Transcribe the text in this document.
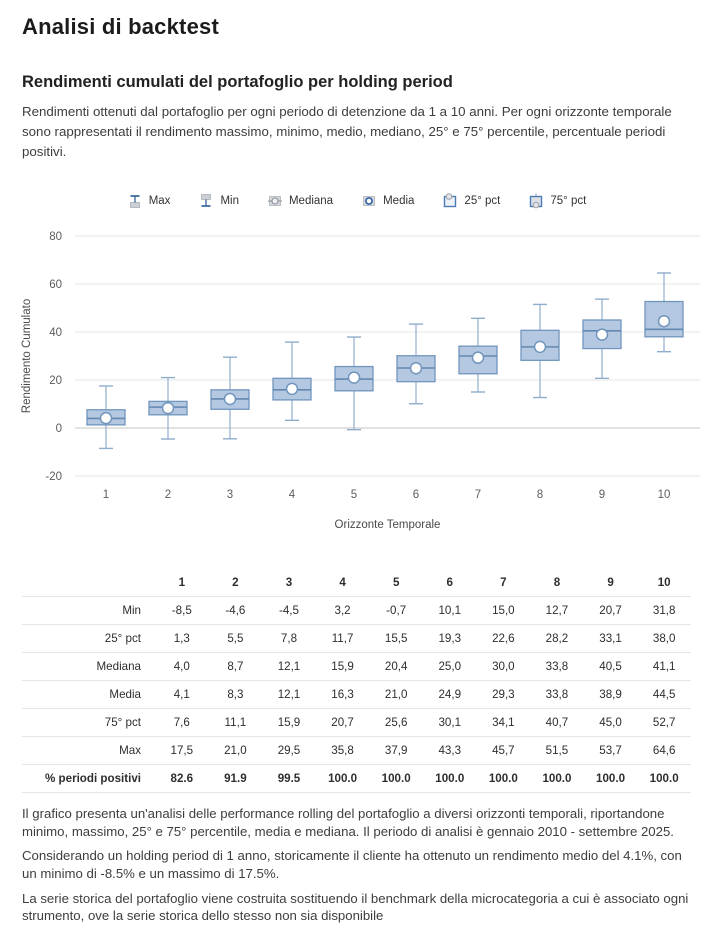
Analisi di backtest
Rendimenti cumulati del portafoglio per holding period

Rendimenti ottenuti dal portafoglio per ogni periodo di detenzione da 1 a 10 anni. Per ogni orizzonte temporale sono rappresentati il rendimento massimo, minimo, medio, mediano, 25° e 75° percentile, percentuale periodi positivi.

Max	Min	Mediana	Media	25° pct	75° pct
80
60
40
20
0
-20
Rendimento Cumulato
1	2	3	4	5	6	7	8	9	10
Orizzonte Temporale
	1	2	3	4	5	6	7	8	9	10
Min	-8,5	-4,6	-4,5	3,2	-0,7	10,1	15,0	12,7	20,7	31,8
25° pct	1,3	5,5	7,8	11,7	15,5	19,3	22,6	28,2	33,1	38,0
Mediana	4,0	8,7	12,1	15,9	20,4	25,0	30,0	33,8	40,5	41,1
Media	4,1	8,3	12,1	16,3	21,0	24,9	29,3	33,8	38,9	44,5
75° pct	7,6	11,1	15,9	20,7	25,6	30,1	34,1	40,7	45,0	52,7
Max	17,5	21,0	29,5	35,8	37,9	43,3	45,7	51,5	53,7	64,6
% periodi positivi	82.6	91.9	99.5	100.0	100.0	100.0	100.0	100.0	100.0	100.0

Il grafico presenta un'analisi delle performance rolling del portafoglio a diversi orizzonti temporali, riportandone minimo, massimo, 25° e 75° percentile, media e mediana. Il periodo di analisi è gennaio 2010 - settembre 2025.

Considerando un holding period di 1 anno, storicamente il cliente ha ottenuto un rendimento medio del 4.1%, con un minimo di -8.5% e un massimo di 17.5%.

La serie storica del portafoglio viene costruita sostituendo il benchmark della microcategoria a cui è associato ogni strumento, ove la serie storica dello stesso non sia disponibile
